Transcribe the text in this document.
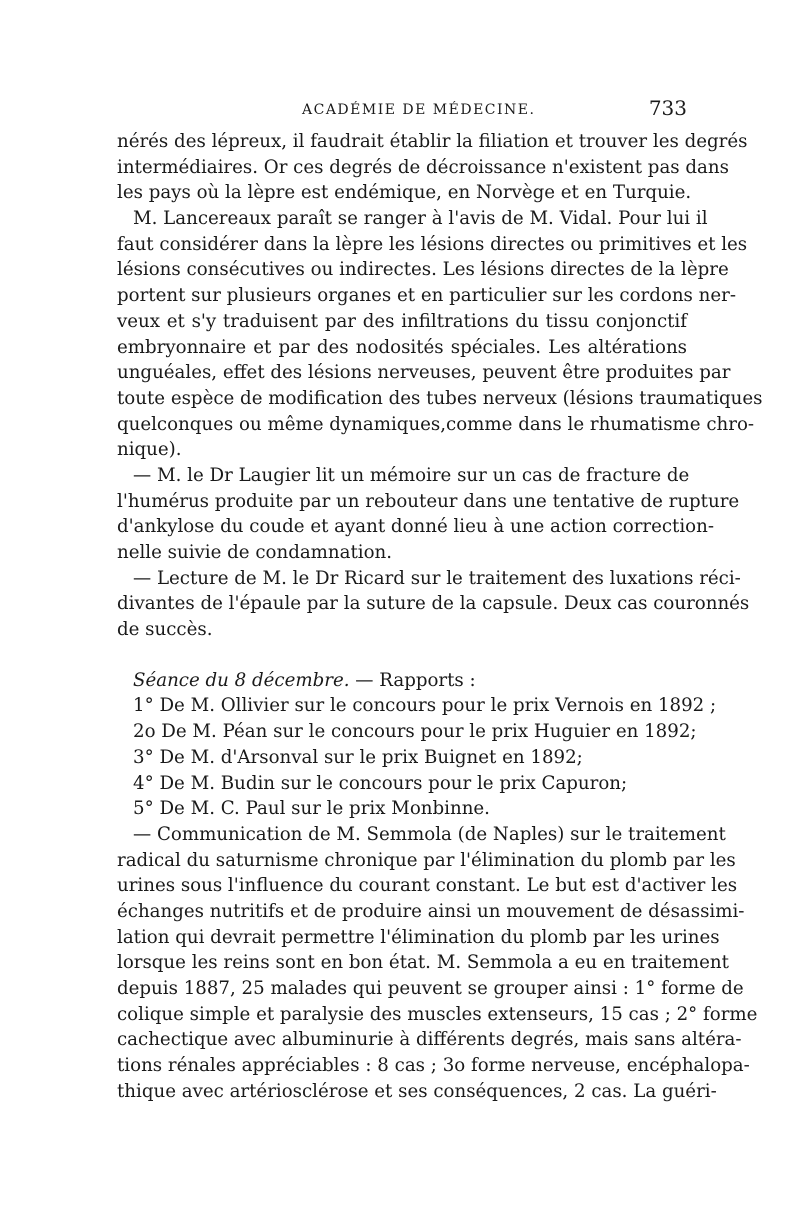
ACADÉMIE DE MÉDECINE.	733
nérés des lépreux, il faudrait établir la filiation et trouver les degrés
intermédiaires. Or ces degrés de décroissance n'existent pas dans
les pays où la lèpre est endémique, en Norvège et en Turquie.
M. Lancereaux paraît se ranger à l'avis de M. Vidal. Pour lui il
faut considérer dans la lèpre les lésions directes ou primitives et les
lésions consécutives ou indirectes. Les lésions directes de la lèpre
portent sur plusieurs organes et en particulier sur les cordons ner-
veux et s'y traduisent par des infiltrations du tissu conjonctif
embryonnaire et par des nodosités spéciales. Les altérations
unguéales, effet des lésions nerveuses, peuvent être produites par
toute espèce de modification des tubes nerveux (lésions traumatiques
quelconques ou même dynamiques,comme dans le rhumatisme chro-
nique).
— M. le Dr Laugier lit un mémoire sur un cas de fracture de
l'humérus produite par un rebouteur dans une tentative de rupture
d'ankylose du coude et ayant donné lieu à une action correction-
nelle suivie de condamnation.
— Lecture de M. le Dr Ricard sur le traitement des luxations réci-
divantes de l'épaule par la suture de la capsule. Deux cas couronnés
de succès.
Séance du 8 décembre. — Rapports :
1° De M. Ollivier sur le concours pour le prix Vernois en 1892 ;
2o De M. Péan sur le concours pour le prix Huguier en 1892;
3° De M. d'Arsonval sur le prix Buignet en 1892;
4° De M. Budin sur le concours pour le prix Capuron;
5° De M. C. Paul sur le prix Monbinne.
— Communication de M. Semmola (de Naples) sur le traitement
radical du saturnisme chronique par l'élimination du plomb par les
urines sous l'influence du courant constant. Le but est d'activer les
échanges nutritifs et de produire ainsi un mouvement de désassimi-
lation qui devrait permettre l'élimination du plomb par les urines
lorsque les reins sont en bon état. M. Semmola a eu en traitement
depuis 1887, 25 malades qui peuvent se grouper ainsi : 1° forme de
colique simple et paralysie des muscles extenseurs, 15 cas ; 2° forme
cachectique avec albuminurie à différents degrés, mais sans altéra-
tions rénales appréciables : 8 cas ; 3o forme nerveuse, encéphalopa-
thique avec artériosclérose et ses conséquences, 2 cas. La guéri-
